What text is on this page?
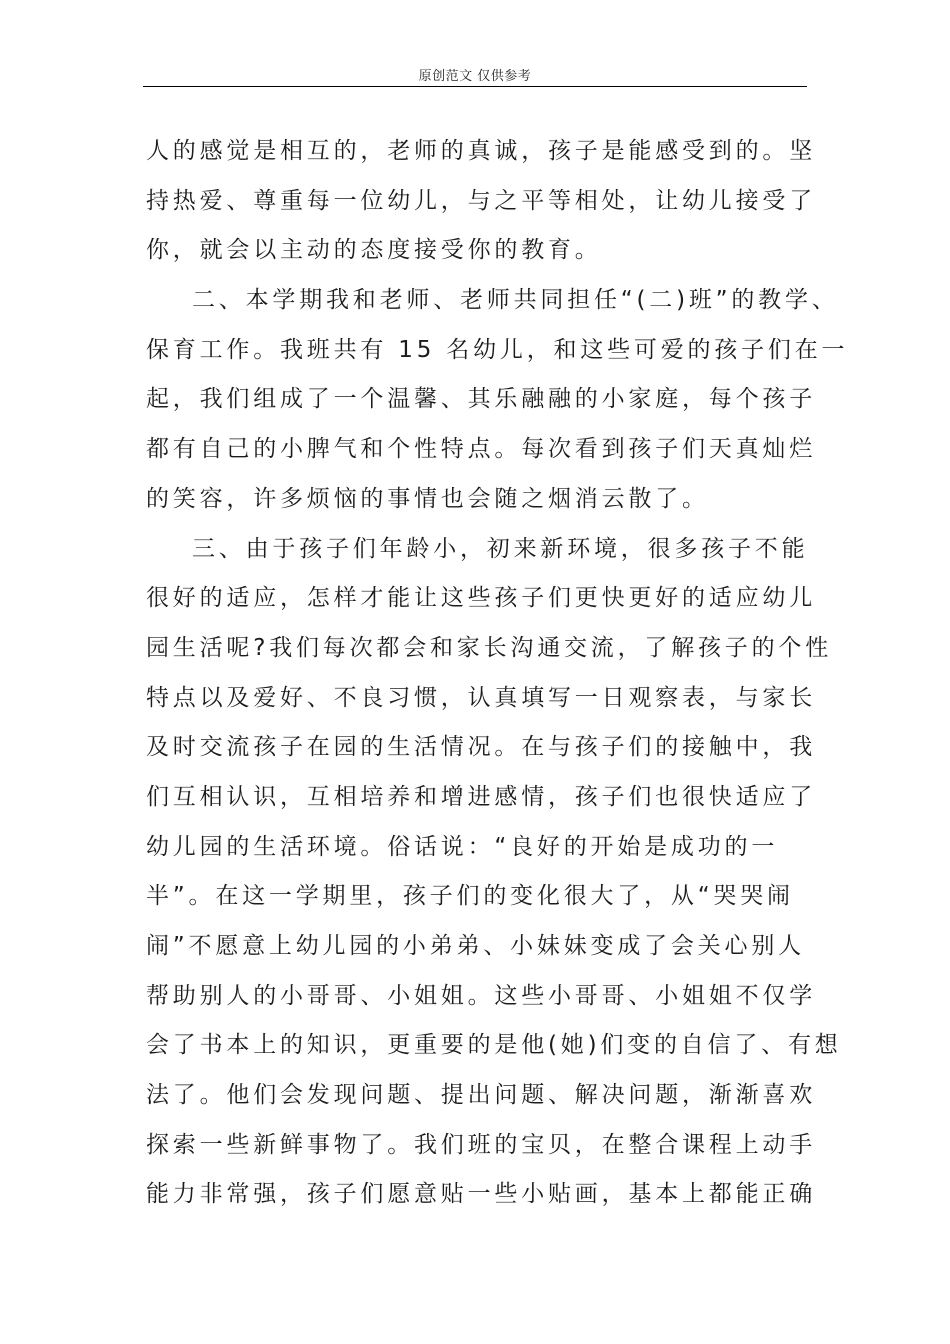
原创范文 仅供参考
人的感觉是相互的，老师的真诚，孩子是能感受到的。坚
持热爱、尊重每一位幼儿，与之平等相处，让幼儿接受了
你，就会以主动的态度接受你的教育。
二、本学期我和老师、老师共同担任“(二)班”的教学、
保育工作。我班共有 15 名幼儿，和这些可爱的孩子们在一
起，我们组成了一个温馨、其乐融融的小家庭，每个孩子
都有自己的小脾气和个性特点。每次看到孩子们天真灿烂
的笑容，许多烦恼的事情也会随之烟消云散了。
三、由于孩子们年龄小，初来新环境，很多孩子不能
很好的适应，怎样才能让这些孩子们更快更好的适应幼儿
园生活呢?我们每次都会和家长沟通交流，了解孩子的个性
特点以及爱好、不良习惯，认真填写一日观察表，与家长
及时交流孩子在园的生活情况。在与孩子们的接触中，我
们互相认识，互相培养和增进感情，孩子们也很快适应了
幼儿园的生活环境。俗话说：“良好的开始是成功的一
半”。在这一学期里，孩子们的变化很大了，从“哭哭闹
闹”不愿意上幼儿园的小弟弟、小妹妹变成了会关心别人
帮助别人的小哥哥、小姐姐。这些小哥哥、小姐姐不仅学
会了书本上的知识，更重要的是他(她)们变的自信了、有想
法了。他们会发现问题、提出问题、解决问题，渐渐喜欢
探索一些新鲜事物了。我们班的宝贝，在整合课程上动手
能力非常强，孩子们愿意贴一些小贴画，基本上都能正确
